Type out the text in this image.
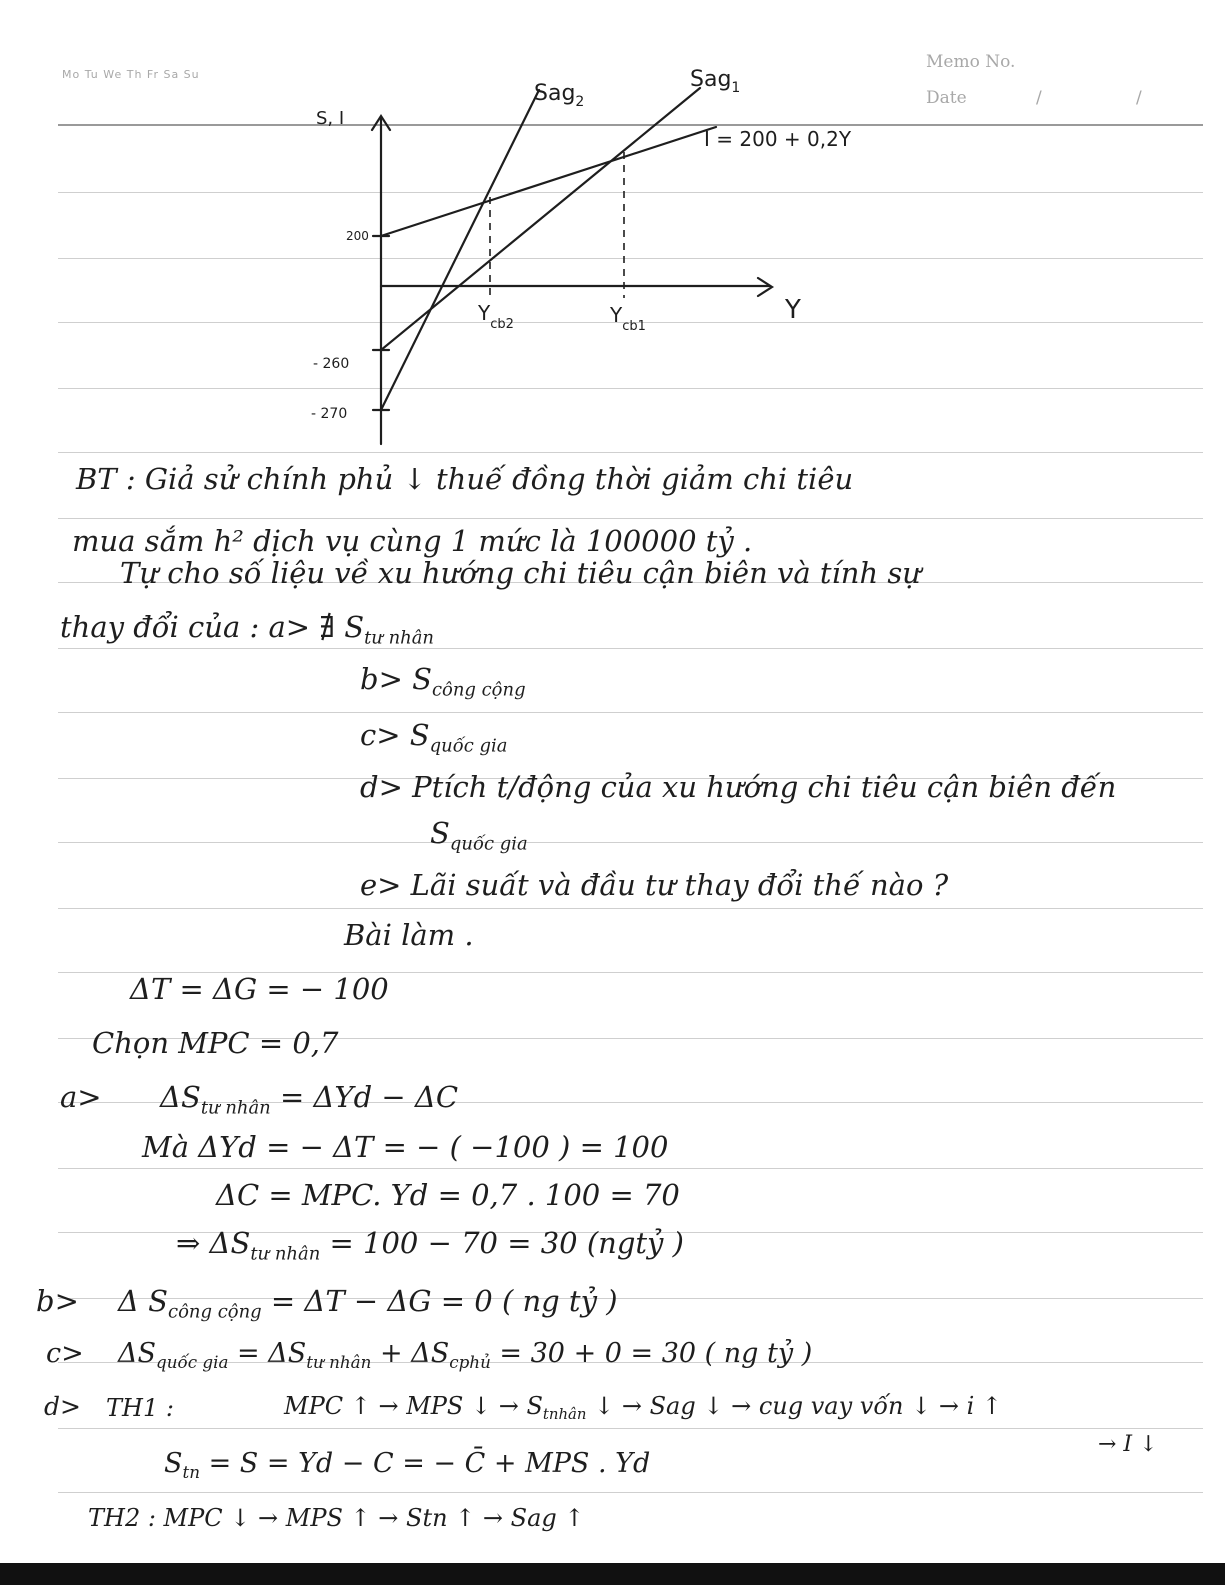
Mo Tu We Th Fr Sa Su
Memo No.
Date	/	/
S, I
Y
200
- 260
- 270
Sag$_2$
Sag$_1$
I = 200 + 0,2Y
$Y_{cb2}$	$Y_{cb1}$
BT : Giả sử chính phủ ↓ thuế đồng thời giảm chi tiêu
mua sắm h² dịch vụ cùng 1 mức là 100000 tỷ .
Tự cho số liệu về xu hướng chi tiêu cận biên và tính sự
thay đổi của : a> ∄ $S_{tư nhân}$
$b> S_{công cộng}$
$c> S_{quốc gia}$
d> Ptích t/động của xu hướng chi tiêu cận biên đến
$S_{quốc gia}$
e> Lãi suất và đầu tư thay đổi thế nào ?
Bài làm .
ΔT = ΔG = − 100
Chọn MPC = 0,7
$a> \Delta S_{tư nhân} = \Delta Yd - \Delta C$
Mà ΔYd = − ΔT = − ( −100 ) = 100
ΔC = MPC. Yd = 0,7 . 100 = 70
⇒ $\Delta S_{tư nhân} = 100 - 70 = 30$ (ngtỷ )
b> Δ $S_{công cộng} = \Delta T - \Delta G = 0$ ( ng tỷ )
$c> \Delta S_{quốc gia} = \Delta S_{tư nhân} + \Delta S_{cphủ} = 30 + 0 = 30$ ( ng tỷ )
d> TH1 :	MPC ↑ → MPS ↓ → $S_{tnhân}$ ↓ → Sag ↓ → cug vay vốn ↓ → i ↑
→ I ↓
$S_{tn} = S = Yd - C$ = − C̄ + MPS . Yd
TH2 : MPC ↓ → MPS ↑ → Stn ↑ → Sag ↑
